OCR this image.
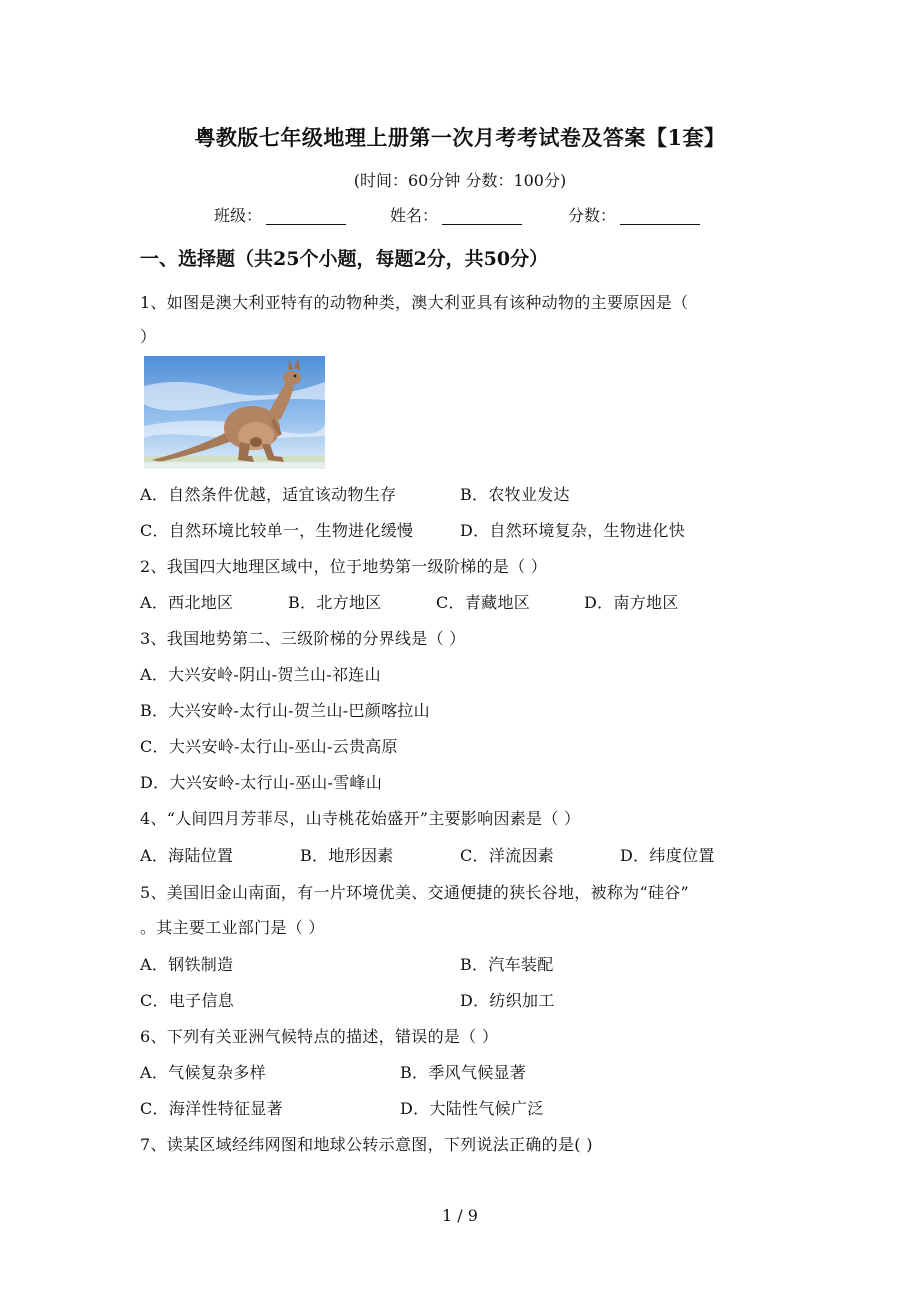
粤教版七年级地理上册第一次月考考试卷及答案【1套】
(时间：60分钟 分数：100分)
班级：	姓名：	分数：
一、选择题（共25个小题，每题2分，共50分）
1、如图是澳大利亚特有的动物种类，澳大利亚具有该种动物的主要原因是（
）
A．自然条件优越，适宜该动物生存	B．农牧业发达
C．自然环境比较单一，生物进化缓慢	D．自然环境复杂，生物进化快
2、我国四大地理区域中，位于地势第一级阶梯的是（ ）
A．西北地区	B．北方地区	C．青藏地区	D．南方地区
3、我国地势第二、三级阶梯的分界线是（ ）
A．大兴安岭-阴山-贺兰山-祁连山
B．大兴安岭-太行山-贺兰山-巴颜喀拉山
C．大兴安岭-太行山-巫山-云贵高原
D．大兴安岭-太行山-巫山-雪峰山
4、“人间四月芳菲尽，山寺桃花始盛开”主要影响因素是（ ）
A．海陆位置	B．地形因素	C．洋流因素	D．纬度位置
5、美国旧金山南面，有一片环境优美、交通便捷的狭长谷地，被称为“硅谷”
。其主要工业部门是（ ）
A．钢铁制造	B．汽车装配
C．电子信息	D．纺织加工
6、下列有关亚洲气候特点的描述，错误的是（ ）
A．气候复杂多样	B．季风气候显著
C．海洋性特征显著	D．大陆性气候广泛
7、读某区域经纬网图和地球公转示意图，下列说法正确的是( )
1 / 9
